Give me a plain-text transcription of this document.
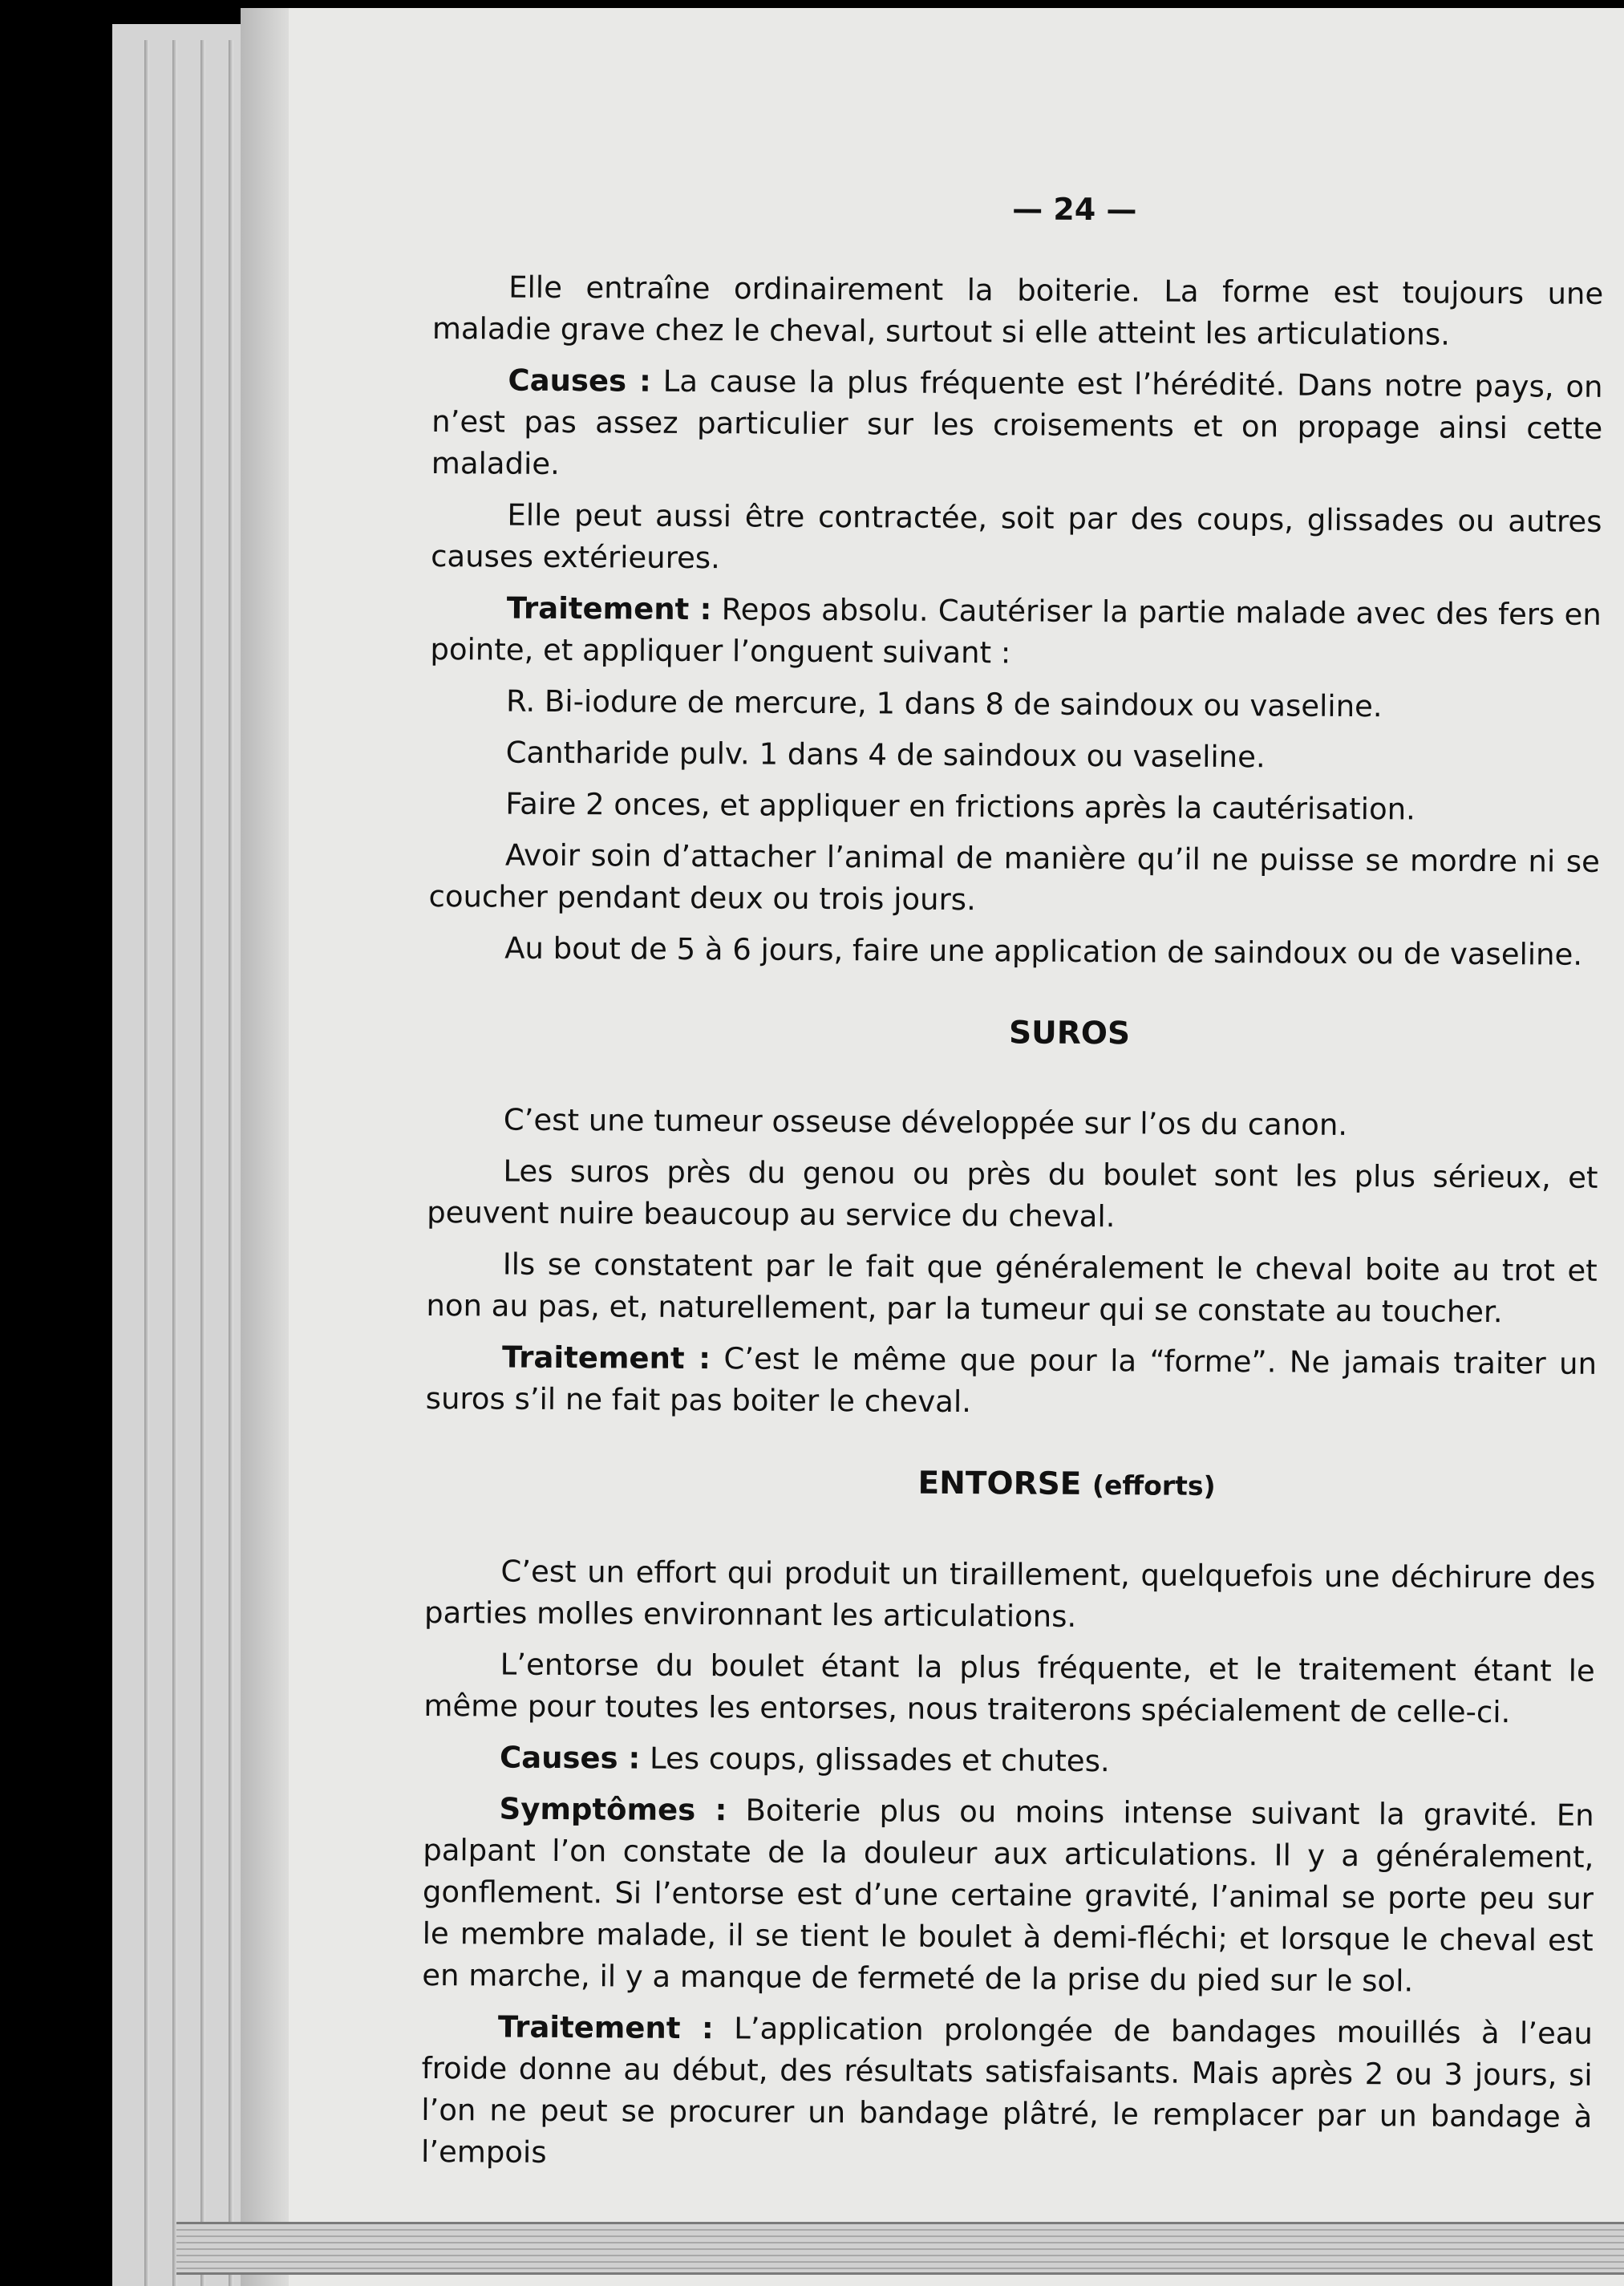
— 24 —

Elle entraîne ordinairement la boiterie. La forme est toujours une maladie grave chez le cheval, surtout si elle atteint les articulations.

Causes : La cause la plus fréquente est l’hérédité. Dans notre pays, on n’est pas assez particulier sur les croisements et on propage ainsi cette maladie.

Elle peut aussi être contractée, soit par des coups, glissades ou autres causes extérieures.

Traitement : Repos absolu. Cautériser la partie malade avec des fers en pointe, et appliquer l’onguent suivant :

R. Bi-iodure de mercure, 1 dans 8 de saindoux ou vaseline.

Cantharide pulv. 1 dans 4 de saindoux ou vaseline.

Faire 2 onces, et appliquer en frictions après la cautérisation.

Avoir soin d’attacher l’animal de manière qu’il ne puisse se mordre ni se coucher pendant deux ou trois jours.

Au bout de 5 à 6 jours, faire une application de saindoux ou de vaseline.

SUROS

C’est une tumeur osseuse développée sur l’os du canon.

Les suros près du genou ou près du boulet sont les plus sérieux, et peuvent nuire beaucoup au service du cheval.

Ils se constatent par le fait que généralement le cheval boite au trot et non au pas, et, naturellement, par la tumeur qui se constate au toucher.

Traitement : C’est le même que pour la “forme”. Ne jamais traiter un suros s’il ne fait pas boiter le cheval.

ENTORSE (efforts)

C’est un effort qui produit un tiraillement, quelquefois une déchirure des parties molles environnant les articulations.

L’entorse du boulet étant la plus fréquente, et le traitement étant le même pour toutes les entorses, nous traiterons spécialement de celle-ci.

Causes : Les coups, glissades et chutes.

Symptômes : Boiterie plus ou moins intense suivant la gravité. En palpant l’on constate de la douleur aux articulations. Il y a généralement, gonflement. Si l’entorse est d’une certaine gravité, l’animal se porte peu sur le membre malade, il se tient le boulet à demi-fléchi; et lorsque le cheval est en marche, il y a manque de fermeté de la prise du pied sur le sol.

Traitement : L’application prolongée de bandages mouillés à l’eau froide donne au début, des résultats satisfaisants. Mais après 2 ou 3 jours, si l’on ne peut se procurer un bandage plâtré, le remplacer par un bandage à l’empois
